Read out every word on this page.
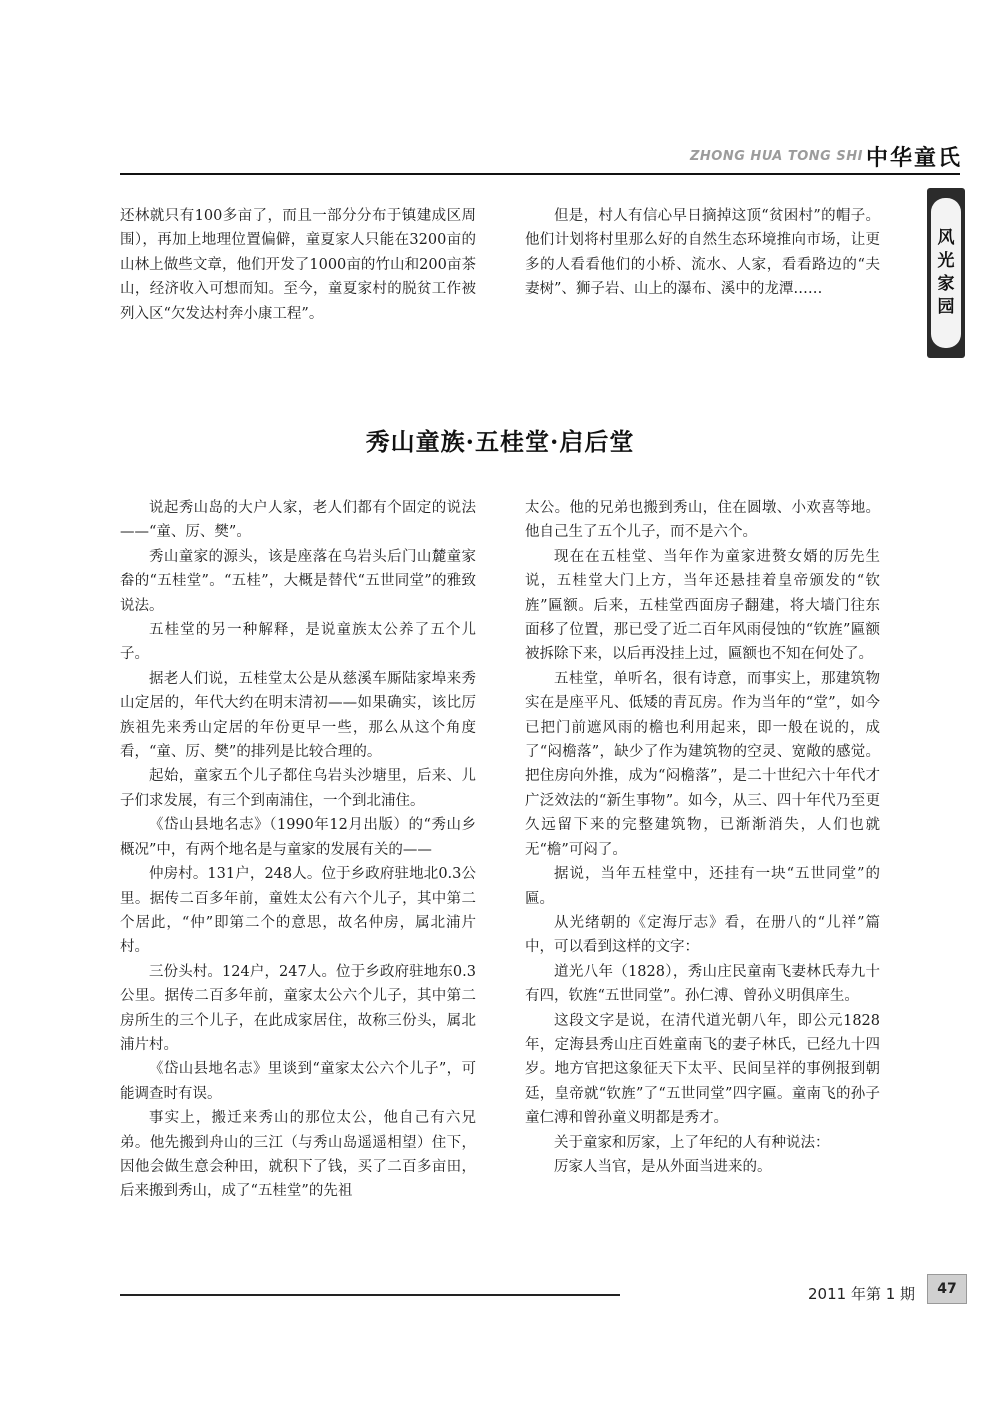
ZHONG HUA TONG SHI 中华童氏
风
光
家
园

还林就只有100多亩了，而且一部分分布于镇建成区周围），再加上地理位置偏僻，童夏家人只能在3200亩的山林上做些文章，他们开发了1000亩的竹山和200亩茶山，经济收入可想而知。至今，童夏家村的脱贫工作被列入区“欠发达村奔小康工程”。

但是，村人有信心早日摘掉这顶“贫困村”的帽子。他们计划将村里那么好的自然生态环境推向市场，让更多的人看看他们的小桥、流水、人家，看看路边的“夫妻树”、狮子岩、山上的瀑布、溪中的龙潭……

秀山童族·五桂堂·启后堂

说起秀山岛的大户人家，老人们都有个固定的说法——“童、厉、樊”。

秀山童家的源头，该是座落在乌岩头后门山麓童家畚的“五桂堂”。“五桂”，大概是替代“五世同堂”的雅致说法。

五桂堂的另一种解释，是说童族太公养了五个儿子。

据老人们说，五桂堂太公是从慈溪车厮陆家埠来秀山定居的，年代大约在明末清初——如果确实，该比厉族祖先来秀山定居的年份更早一些，那么从这个角度看，“童、厉、樊”的排列是比较合理的。

起始，童家五个儿子都住乌岩头沙塘里，后来、儿子们求发展，有三个到南浦住，一个到北浦住。

《岱山县地名志》（1990年12月出版）的“秀山乡概况”中，有两个地名是与童家的发展有关的——

仲房村。131户，248人。位于乡政府驻地北0.3公里。据传二百多年前，童姓太公有六个儿子，其中第二个居此，“仲”即第二个的意思，故名仲房，属北浦片村。

三份头村。124户，247人。位于乡政府驻地东0.3公里。据传二百多年前，童家太公六个儿子，其中第二房所生的三个儿子，在此成家居住，故称三份头，属北浦片村。

《岱山县地名志》里谈到“童家太公六个儿子”，可能调查时有误。

事实上，搬迁来秀山的那位太公，他自己有六兄弟。他先搬到舟山的三江（与秀山岛遥遥相望）住下，因他会做生意会种田，就积下了钱，买了二百多亩田，后来搬到秀山，成了“五桂堂”的先祖

太公。他的兄弟也搬到秀山，住在圆墩、小欢喜等地。他自己生了五个儿子，而不是六个。

现在在五桂堂、当年作为童家进赘女婿的厉先生说，五桂堂大门上方，当年还悬挂着皇帝颁发的“钦旌”匾额。后来，五桂堂西面房子翻建，将大墙门往东面移了位置，那已受了近二百年风雨侵蚀的“钦旌”匾额被拆除下来，以后再没挂上过，匾额也不知在何处了。

五桂堂，单听名，很有诗意，而事实上，那建筑物实在是座平凡、低矮的青瓦房。作为当年的“堂”，如今已把门前遮风雨的檐也利用起来，即一般在说的，成了“闷檐落”，缺少了作为建筑物的空灵、宽敞的感觉。把住房向外推，成为“闷檐落”，是二十世纪六十年代才广泛效法的“新生事物”。如今，从三、四十年代乃至更久远留下来的完整建筑物，已渐渐消失，人们也就无“檐”可闷了。

据说，当年五桂堂中，还挂有一块“五世同堂”的匾。

从光绪朝的《定海厅志》看，在册八的“儿祥”篇中，可以看到这样的文字：

道光八年（1828），秀山庄民童南飞妻林氏寿九十有四，钦旌“五世同堂”。孙仁溥、曾孙义明俱庠生。

这段文字是说，在清代道光朝八年，即公元1828年，定海县秀山庄百姓童南飞的妻子林氏，已经九十四岁。地方官把这象征天下太平、民间呈祥的事例报到朝廷，皇帝就“钦旌”了“五世同堂”四字匾。童南飞的孙子童仁溥和曾孙童义明都是秀才。

关于童家和厉家，上了年纪的人有种说法：

厉家人当官，是从外面当进来的。

2011 年第 1 期	47
